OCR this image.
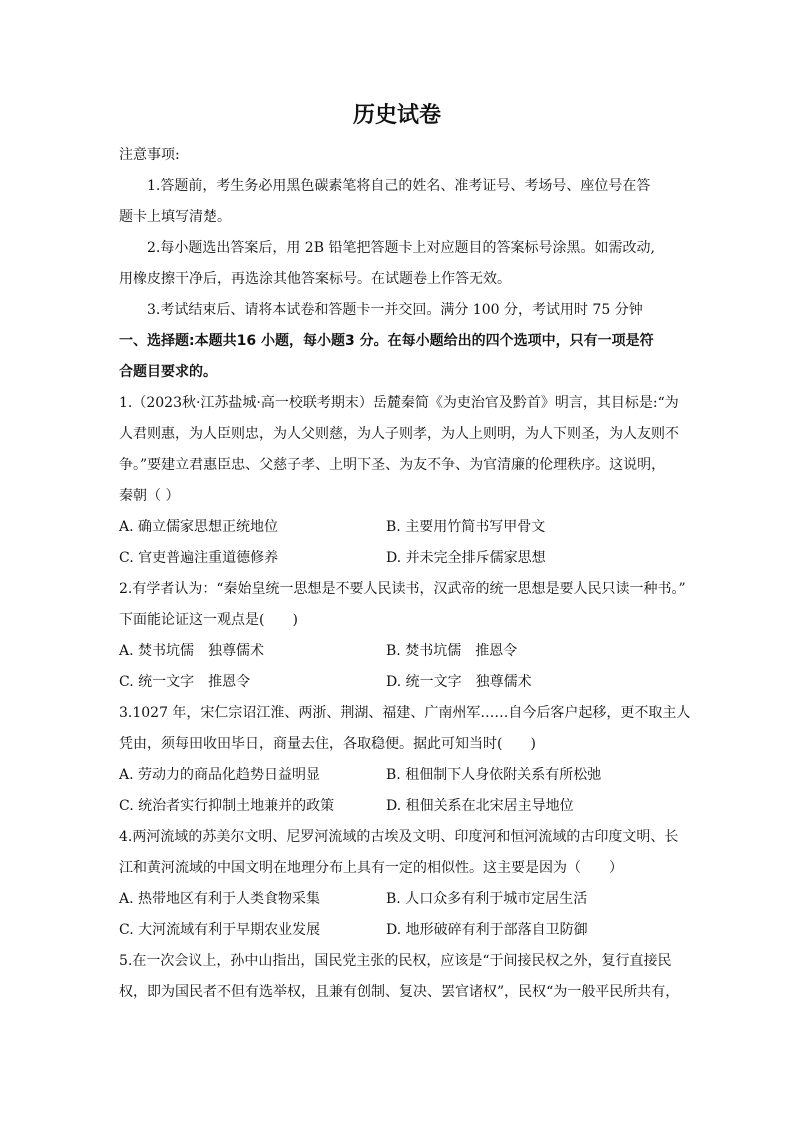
历史试卷
注意事项:
1.答题前，考生务必用黑色碳素笔将自己的姓名、准考证号、考场号、座位号在答
题卡上填写清楚。
2.每小题选出答案后，用 2B 铅笔把答题卡上对应题目的答案标号涂黑。如需改动,
用橡皮擦干净后，再选涂其他答案标号。在试题卷上作答无效。
3.考试结束后、请将本试卷和答题卡一并交回。满分 100 分，考试用时 75 分钟
一、选择题:本题共16 小题，每小题3 分。在每小题给出的四个选项中，只有一项是符
合题目要求的。
1.（2023秋·江苏盐城·高一校联考期末）岳麓秦简《为吏治官及黔首》明言，其目标是:“为
人君则惠，为人臣则忠，为人父则慈，为人子则孝，为人上则明，为人下则圣，为人友则不
争。”要建立君惠臣忠、父慈子孝、上明下圣、为友不争、为官清廉的伦理秩序。这说明，
秦朝（ ）
A. 确立儒家思想正统地位	B. 主要用竹简书写甲骨文
C. 官吏普遍注重道德修养	D. 并未完全排斥儒家思想
2.有学者认为：“秦始皇统一思想是不要人民读书，汉武帝的统一思想是要人民只读一种书。”
下面能论证这一观点是(　　)
A. 焚书坑儒　独尊儒术	B. 焚书坑儒　推恩令
C. 统一文字　推恩令	D. 统一文字　独尊儒术
3.1027 年，宋仁宗诏江淮、两浙、荆湖、福建、广南州军……自今后客户起移，更不取主人
凭由，须每田收田毕日，商量去住，各取稳便。据此可知当时(　　)
A. 劳动力的商品化趋势日益明显	B. 租佃制下人身依附关系有所松弛
C. 统治者实行抑制土地兼并的政策	D. 租佃关系在北宋居主导地位
4.两河流域的苏美尔文明、尼罗河流域的古埃及文明、印度河和恒河流域的古印度文明、长
江和黄河流域的中国文明在地理分布上具有一定的相似性。这主要是因为（　　）
A. 热带地区有利于人类食物采集	B. 人口众多有利于城市定居生活
C. 大河流域有利于早期农业发展	D. 地形破碎有利于部落自卫防御
5.在一次会议上，孙中山指出，国民党主张的民权，应该是“于间接民权之外，复行直接民
权，即为国民者不但有选举权，且兼有创制、复决、罢官诸权”，民权“为一般平民所共有，
